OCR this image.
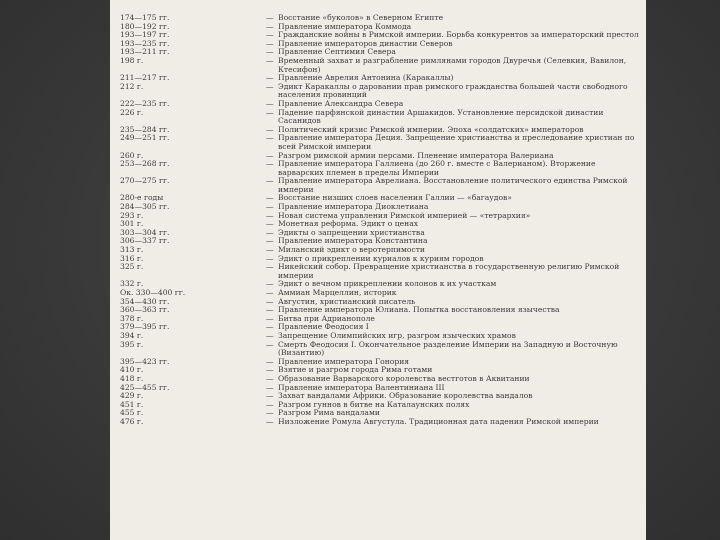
174—175 гг.	— Восстание «буколов» в Северном Египте
180—192 гг.	— Правление императора Коммода
193—197 гг.	— Гражданские войны в Римской империи. Борьба конкурентов за императорский престол
193—235 гг.	— Правление императоров династии Северов
193—211 гг.	— Правление Септимия Севера
198 г.	— Временный захват и разграбление римлянами городов Двуречья (Селевкия, Вавилон, Ктесифон)
211—217 гг.	— Правление Аврелия Антонина (Каракаллы)
212 г.	— Эдикт Каракаллы о даровании прав римского гражданства большей части свободного населения провинций
222—235 гг.	— Правление Александра Севера
226 г.	— Падение парфянской династии Аршакидов. Установление персидской династии Сасанидов
235—284 гг.	— Политический кризис Римской империи. Эпоха «солдатских» императоров
249—251 гг.	— Правление императора Деция. Запрещение христианства и преследование христиан по всей Римской империи
260 г.	— Разгром римской армии персами. Пленение императора Валериана
253—268 гг.	— Правление императора Галлиена (до 260 г. вместе с Валерианом). Вторжение варварских племен в пределы Империи
270—275 гг.	— Правление императора Аврелиана. Восстановление политического единства Римской империи
280-е годы	— Восстание низших слоев населения Галлии — «багаудов»
284—305 гг.	— Правление императора Диоклетиана
293 г.	— Новая система управления Римской империей — «тетрархия»
301 г.	— Монетная реформа. Эдикт о ценах
303—304 гг.	— Эдикты о запрещении христианства
306—337 гг.	— Правление императора Константина
313 г.	— Миланский эдикт о веротерпимости
316 г.	— Эдикт о прикреплении куриалов к куриям городов
325 г.	— Никейский собор. Превращение христианства в государственную религию Римской империи
332 г.	— Эдикт о вечном прикреплении колонов к их участкам
Ок. 330—400 гг.	— Аммиан Марцеллин, историк
354—430 гг.	— Августин, христианский писатель
360—363 гг.	— Правление императора Юлиана. Попытка восстановления язычества
378 г.	— Битва при Адрианополе
379—395 гг.	— Правление Феодосия I
394 г.	— Запрещение Олимпийских игр, разгром языческих храмов
395 г.	— Смерть Феодосия I. Окончательное разделение Империи на Западную и Восточную (Византию)
395—423 гг.	— Правление императора Гонория
410 г.	— Взятие и разгром города Рима готами
418 г.	— Образование Варварского королевства вестготов в Аквитании
425—455 гг.	— Правление императора Валентиниана III
429 г.	— Захват вандалами Африки. Образование королевства вандалов
451 г.	— Разгром гуннов в битве на Каталаунских полях
455 г.	— Разгром Рима вандалами
476 г.	— Низложение Ромула Августула. Традиционная дата падения Римской империи
